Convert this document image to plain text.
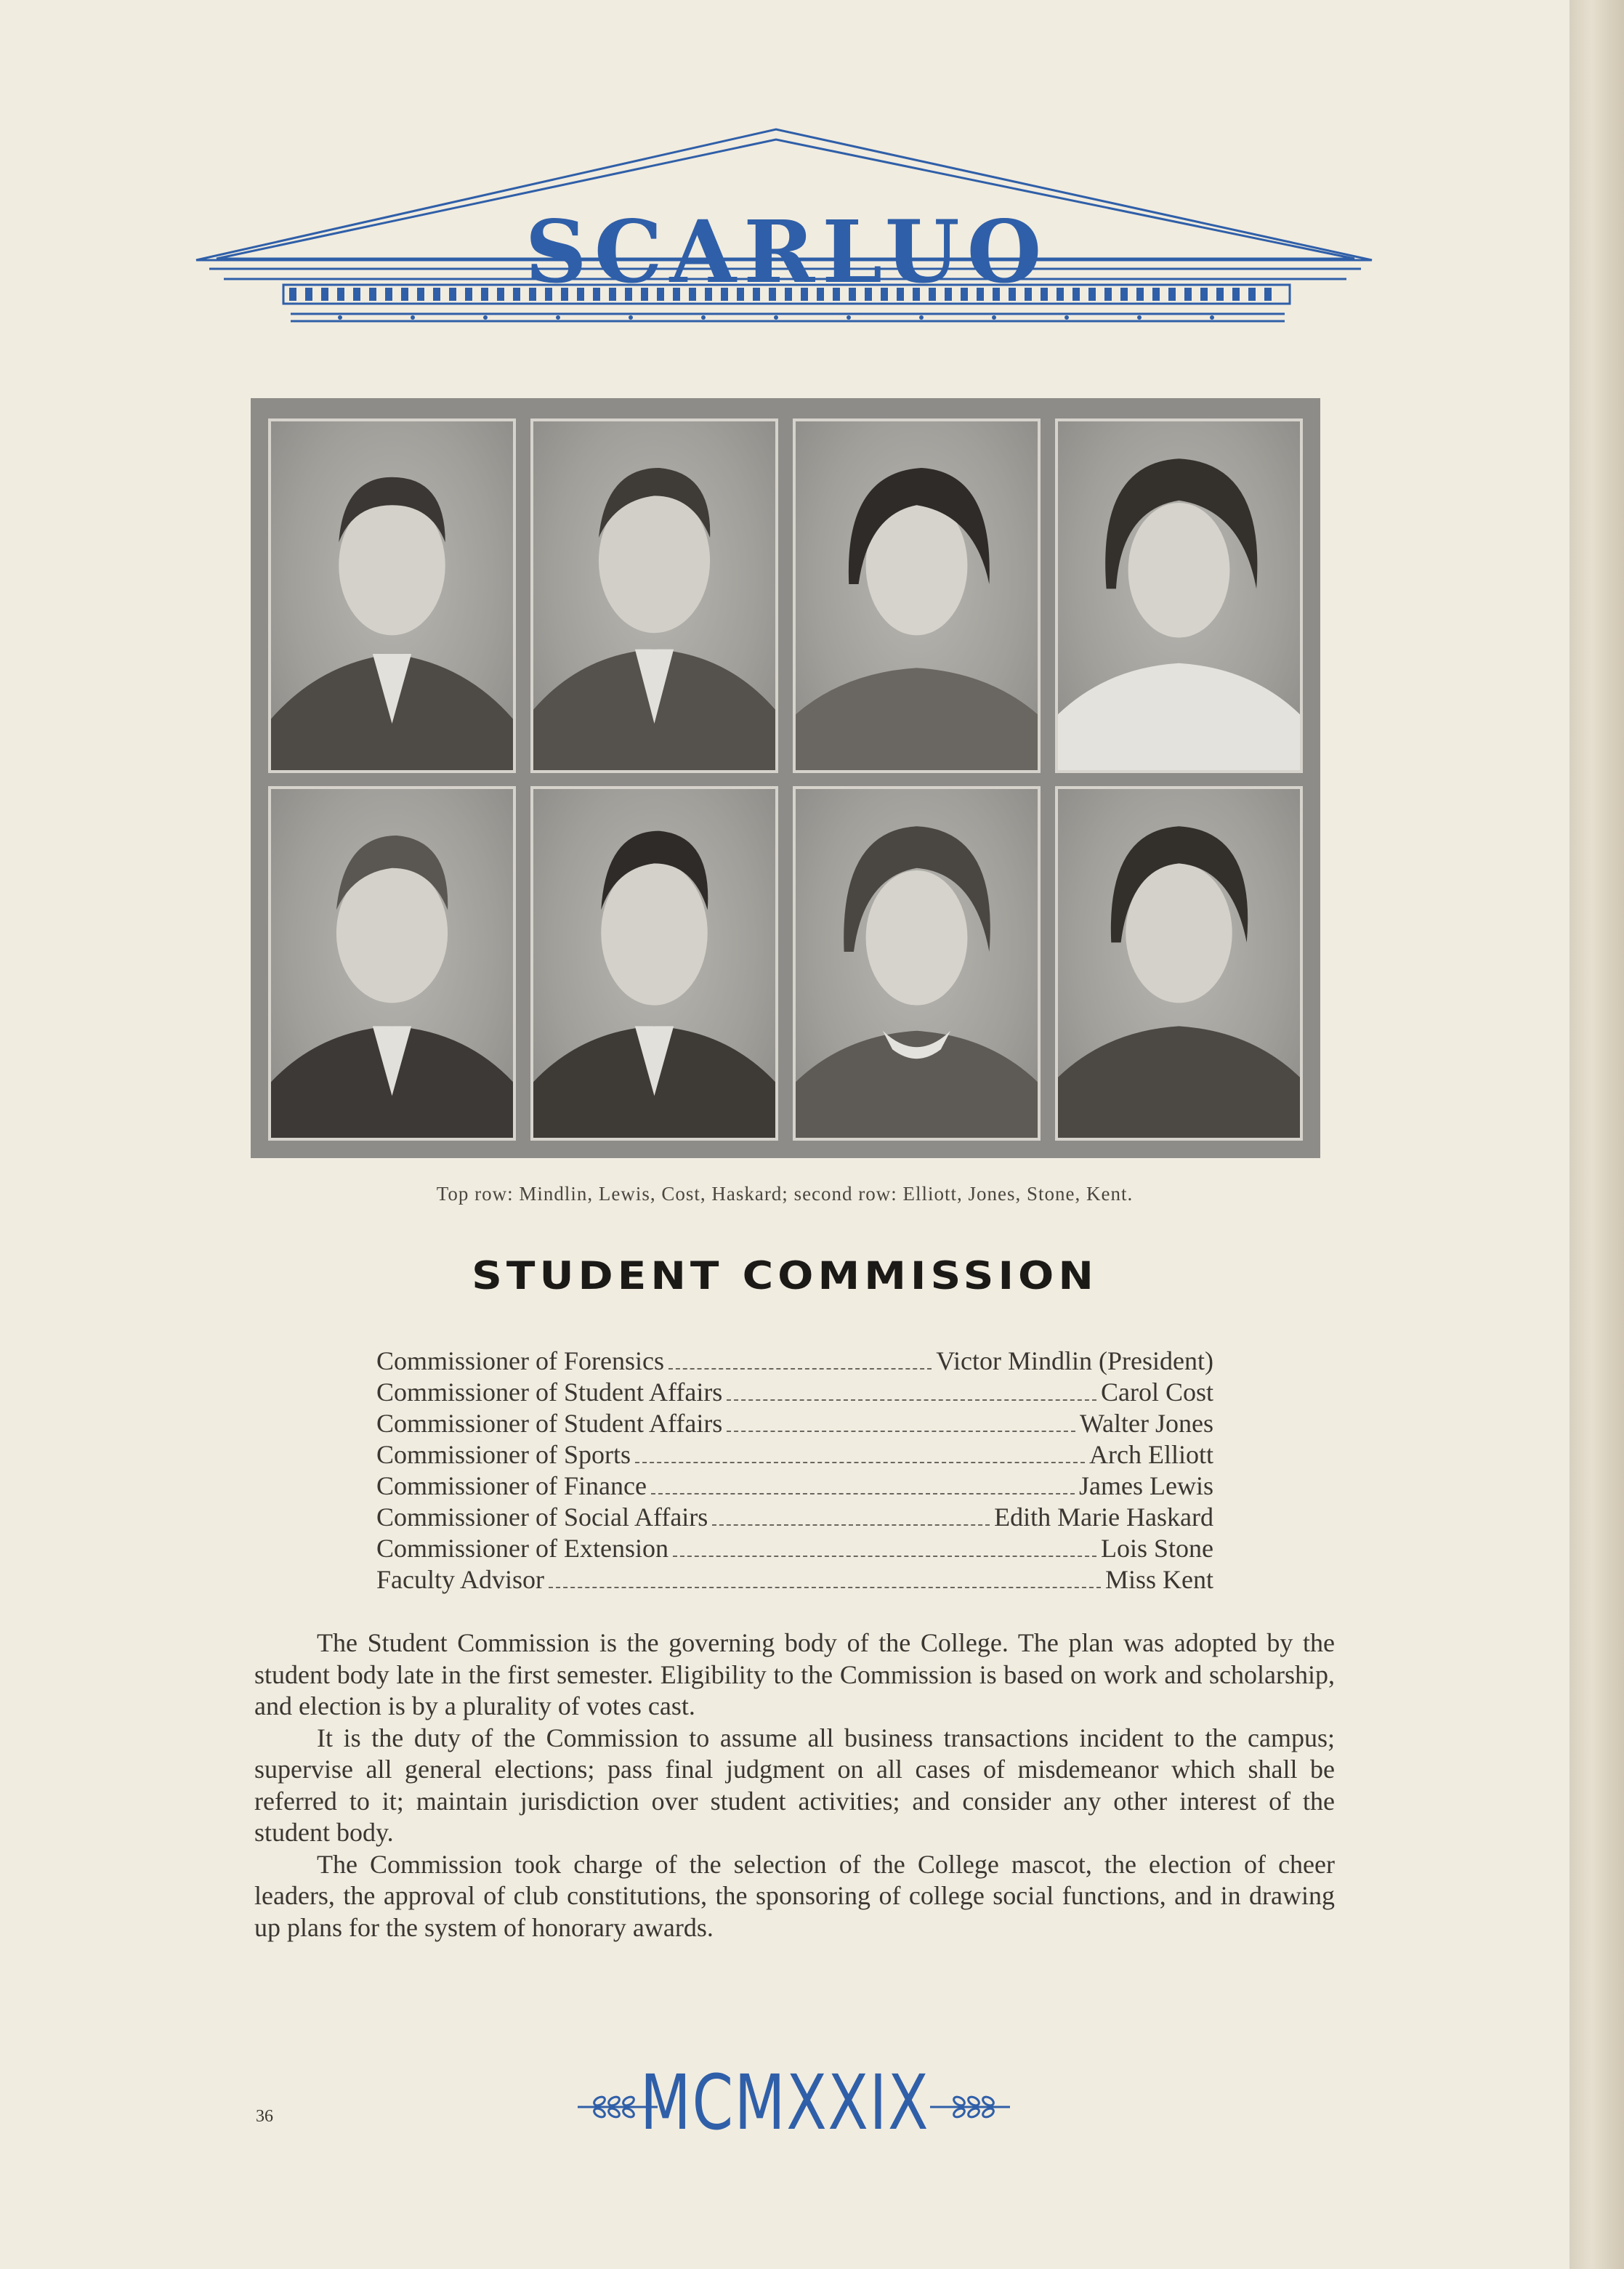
SCARLUO
Top row: Mindlin, Lewis, Cost, Haskard; second row: Elliott, Jones, Stone, Kent.
STUDENT COMMISSION
Commissioner of Forensics	Victor Mindlin (President)
Commissioner of Student Affairs	Carol Cost
Commissioner of Student Affairs	Walter Jones
Commissioner of Sports	Arch Elliott
Commissioner of Finance	James Lewis
Commissioner of Social Affairs	Edith Marie Haskard
Commissioner of Extension	Lois Stone
Faculty Advisor	Miss Kent

The Student Commission is the governing body of the College. The plan was adopted by the student body late in the first semester. Eligibility to the Commission is based on work and scholarship, and election is by a plurality of votes cast.

It is the duty of the Commission to assume all business transactions incident to the campus; supervise all general elections; pass final judgment on all cases of misdemeanor which shall be referred to it; maintain jurisdiction over student activities; and consider any other interest of the student body.

The Commission took charge of the selection of the College mascot, the election of cheer leaders, the approval of club constitutions, the sponsoring of college social functions, and in drawing up plans for the system of honorary awards.

36	MCMXXIX
